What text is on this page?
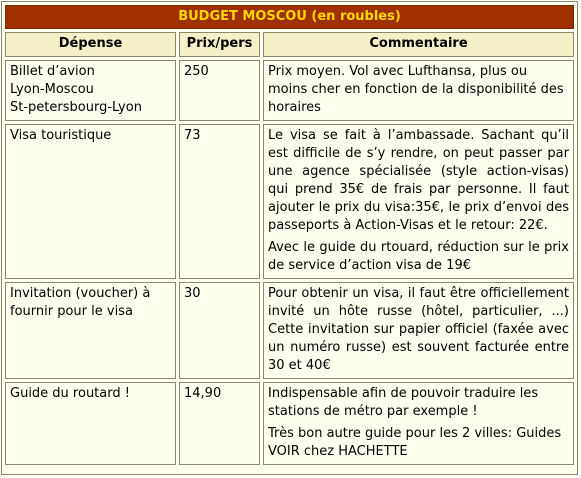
BUDGET MOSCOU (en roubles)		
Dépense	Prix/pers	Commentaire

Billet d’avion
Lyon-Moscou
St-petersbourg-Lyon	250	Prix moyen. Vol avec Lufthansa, plus ou moins cher en fonction de la disponibilité des horaires

Visa touristique	73	Le visa se fait à l’ambassade. Sachant qu’il est difficile de s’y rendre, on peut passer par une agence spécialisée (style action-visas) qui prend 35€ de frais par personne. Il faut ajouter le prix du visa:35€, le prix d’envoi des passeports à Action-Visas et le retour: 22€.

Avec le guide du rtouard, réduction sur le prix de service d’action visa de 19€

Invitation (voucher) à fournir pour le visa	30	Pour obtenir un visa, il faut être officiellement invité un hôte russe (hôtel, particulier, ...) Cette invitation sur papier officiel (faxée avec un numéro russe) est souvent facturée entre 30 et 40€

Guide du routard !	14,90	Indispensable afin de pouvoir traduire les stations de métro par exemple !

Très bon autre guide pour les 2 villes: Guides VOIR chez HACHETTE
